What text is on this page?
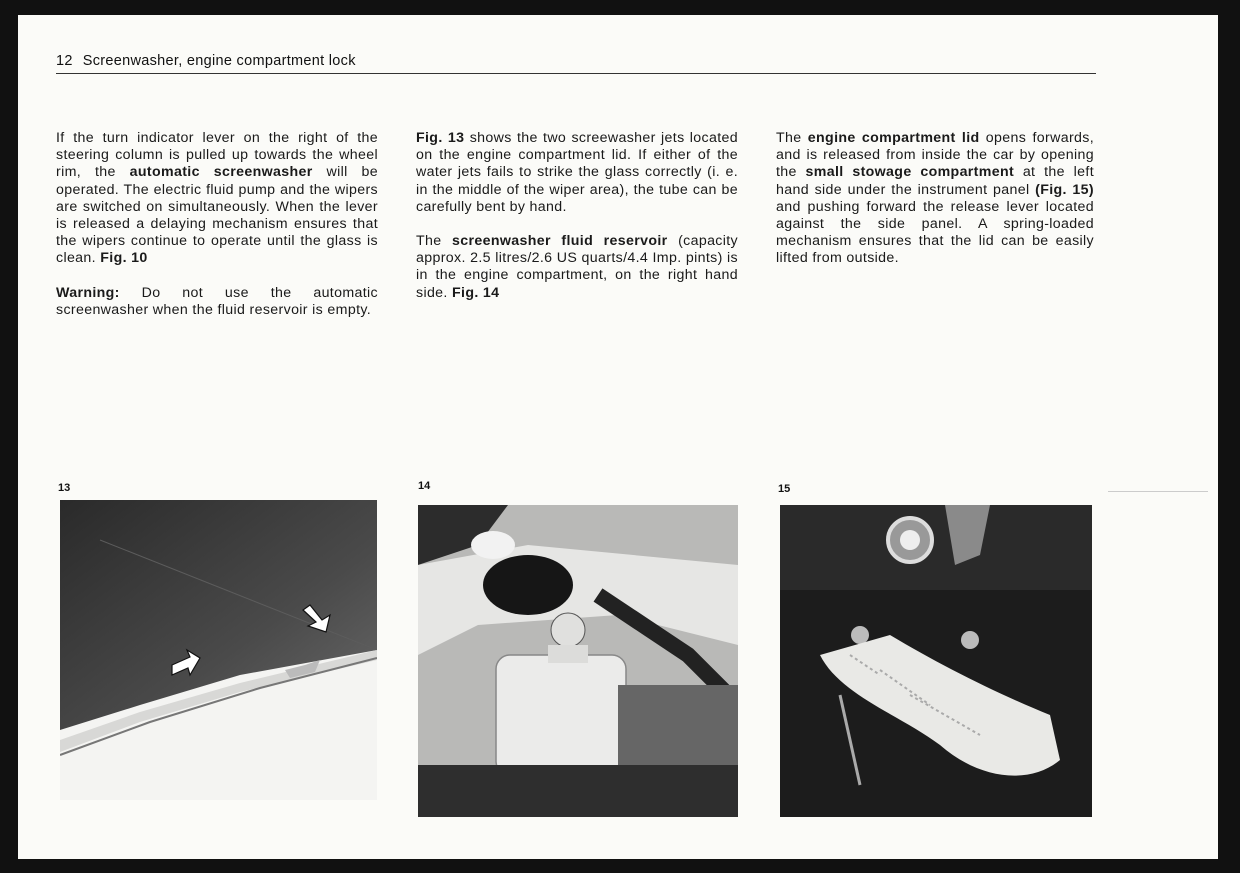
12 Screenwasher, engine compartment lock

If the turn indicator lever on the right of the steering column is pulled up towards the wheel rim, the automatic screenwasher will be operated. The electric fluid pump and the wipers are switched on simultaneously. When the lever is released a delaying mechanism ensures that the wipers continue to operate until the glass is clean. Fig. 10

Warning: Do not use the automatic screenwasher when the fluid reservoir is empty.

Fig. 13 shows the two screewasher jets located on the engine compartment lid. If either of the water jets fails to strike the glass correctly (i. e. in the middle of the wiper area), the tube can be carefully bent by hand.

The screenwasher fluid reservoir (capacity approx. 2.5 litres/2.6 US quarts/4.4 Imp. pints) is in the engine compartment, on the right hand side. Fig. 14

The engine compartment lid opens forwards, and is released from inside the car by opening the small stowage compartment at the left hand side under the instrument panel (Fig. 15) and pushing forward the release lever located against the side panel. A spring-loaded mechanism ensures that the lid can be easily lifted from outside.

13	14	15
